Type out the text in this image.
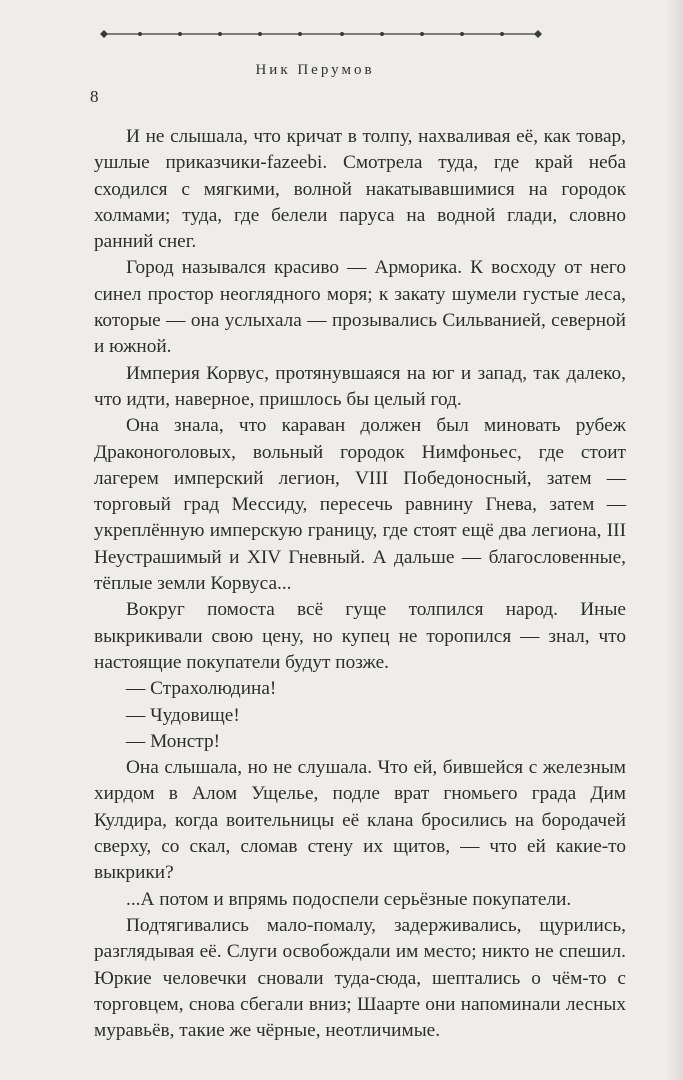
Ник Перумов
8

И не слышала, что кричат в толпу, нахваливая её, как товар, ушлые приказчики-fazeebi. Смотрела туда, где край неба сходился с мягкими, волной накатывавшимися на городок холмами; туда, где белели паруса на водной глади, словно ранний снег.

Город назывался красиво — Арморика. К восходу от него синел простор неоглядного моря; к закату шумели густые леса, которые — она услыхала — прозывались Сильванией, северной и южной.

Империя Корвус, протянувшаяся на юг и запад, так далеко, что идти, наверное, пришлось бы целый год.

Она знала, что караван должен был миновать рубеж Драконоголовых, вольный городок Нимфоньес, где стоит лагерем имперский легион, VIII Победоносный, затем — торговый град Мессиду, пересечь равнину Гнева, затем — укреплённую имперскую границу, где стоят ещё два легиона, III Неустрашимый и XIV Гневный. А дальше — благословенные, тёплые земли Корвуса...

Вокруг помоста всё гуще толпился народ. Иные выкрикивали свою цену, но купец не торопился — знал, что настоящие покупатели будут позже.

— Страхолюдина!

— Чудовище!

— Монстр!

Она слышала, но не слушала. Что ей, бившейся с железным хирдом в Алом Ущелье, подле врат гномьего града Дим Кулдира, когда воительницы её клана бросились на бородачей сверху, со скал, сломав стену их щитов, — что ей какие-то выкрики?

...А потом и впрямь подоспели серьёзные покупатели.

Подтягивались мало-помалу, задерживались, щурились, разглядывая её. Слуги освобождали им место; никто не спешил. Юркие человечки сновали туда-сюда, шептались о чём-то с торговцем, снова сбегали вниз; Шаарте они напоминали лесных муравьёв, такие же чёрные, неотличимые.
